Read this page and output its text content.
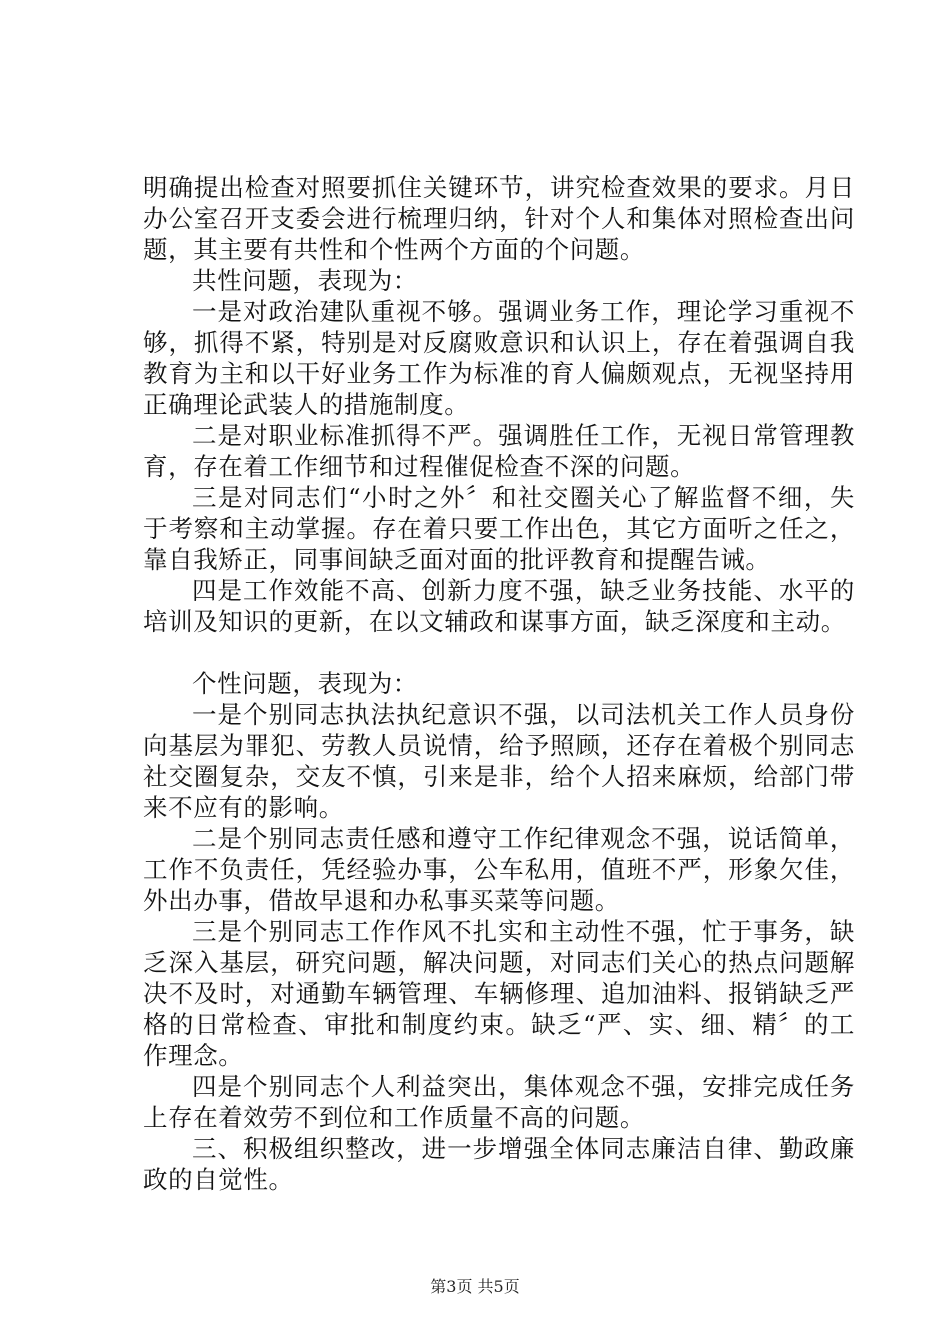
明确提出检查对照要抓住关键环节，讲究检查效果的要求。月日办公室召开支委会进行梳理归纳，针对个人和集体对照检查出问题，其主要有共性和个性两个方面的个问题。

共性问题，表现为：

一是对政治建队重视不够。强调业务工作，理论学习重视不够，抓得不紧，特别是对反腐败意识和认识上，存在着强调自我教育为主和以干好业务工作为标准的育人偏颇观点，无视坚持用正确理论武装人的措施制度。

二是对职业标准抓得不严。强调胜任工作，无视日常管理教育，存在着工作细节和过程催促检查不深的问题。

三是对同志们“小时之外〞和社交圈关心了解监督不细，失于考察和主动掌握。存在着只要工作出色，其它方面听之任之，靠自我矫正，同事间缺乏面对面的批评教育和提醒告诫。

四是工作效能不高、创新力度不强，缺乏业务技能、水平的培训及知识的更新，在以文辅政和谋事方面，缺乏深度和主动。

个性问题，表现为：

一是个别同志执法执纪意识不强，以司法机关工作人员身份向基层为罪犯、劳教人员说情，给予照顾，还存在着极个别同志社交圈复杂，交友不慎，引来是非，给个人招来麻烦，给部门带来不应有的影响。

二是个别同志责任感和遵守工作纪律观念不强，说话简单，工作不负责任，凭经验办事，公车私用，值班不严，形象欠佳，外出办事，借故早退和办私事买菜等问题。

三是个别同志工作作风不扎实和主动性不强，忙于事务，缺乏深入基层，研究问题，解决问题，对同志们关心的热点问题解决不及时，对通勤车辆管理、车辆修理、追加油料、报销缺乏严格的日常检查、审批和制度约束。缺乏“严、实、细、精〞的工作理念。

四是个别同志个人利益突出，集体观念不强，安排完成任务上存在着效劳不到位和工作质量不高的问题。

三、积极组织整改，进一步增强全体同志廉洁自律、勤政廉政的自觉性。

第3页 共5页
